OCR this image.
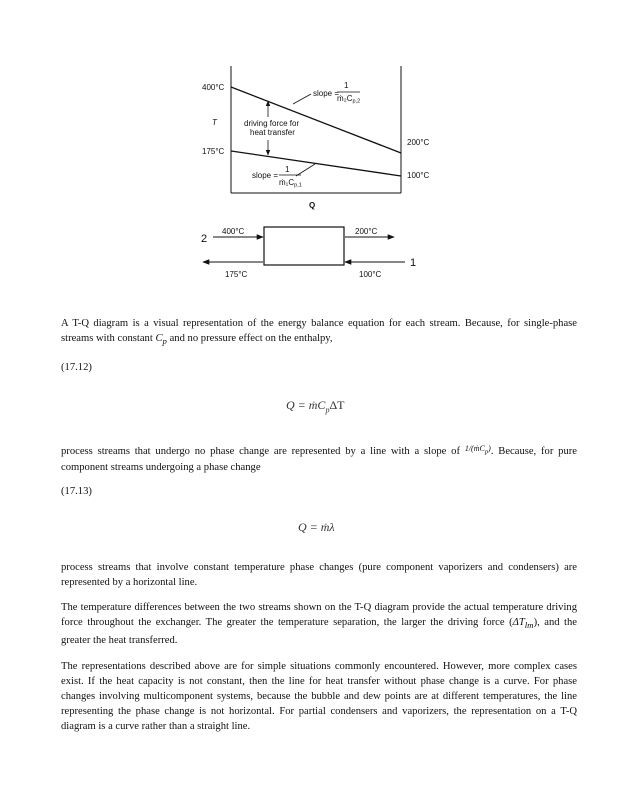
400°C
175°C
200°C
100°C
T
Q
slope =
1
ṁ₂Cp,2
driving force for
heat transfer
slope =
1
ṁ₁Cp,1
2
1
400°C	200°C
175°C	100°C

A T-Q diagram is a visual representation of the energy balance equation for each stream. Because, for single-phase streams with constant $C_p$ and no pressure effect on the enthalpy,

(17.12)
Q = ṁC$_p$ΔT

process streams that undergo no phase change are represented by a line with a slope of $^{1/(ṁC_p)}$. Because, for pure component streams undergoing a phase change

(17.13)
Q = ṁλ

process streams that involve constant temperature phase changes (pure component vaporizers and condensers) are represented by a horizontal line.

The temperature differences between the two streams shown on the T-Q diagram provide the actual temperature driving force throughout the exchanger. The greater the temperature separation, the larger the driving force $(\Delta T_{lm})$, and the greater the heat transferred.

The representations described above are for simple situations commonly encountered. However, more complex cases exist. If the heat capacity is not constant, then the line for heat transfer without phase change is a curve. For phase changes involving multicomponent systems, because the bubble and dew points are at different temperatures, the line representing the phase change is not horizontal. For partial condensers and vaporizers, the representation on a T-Q diagram is a curve rather than a straight line.
